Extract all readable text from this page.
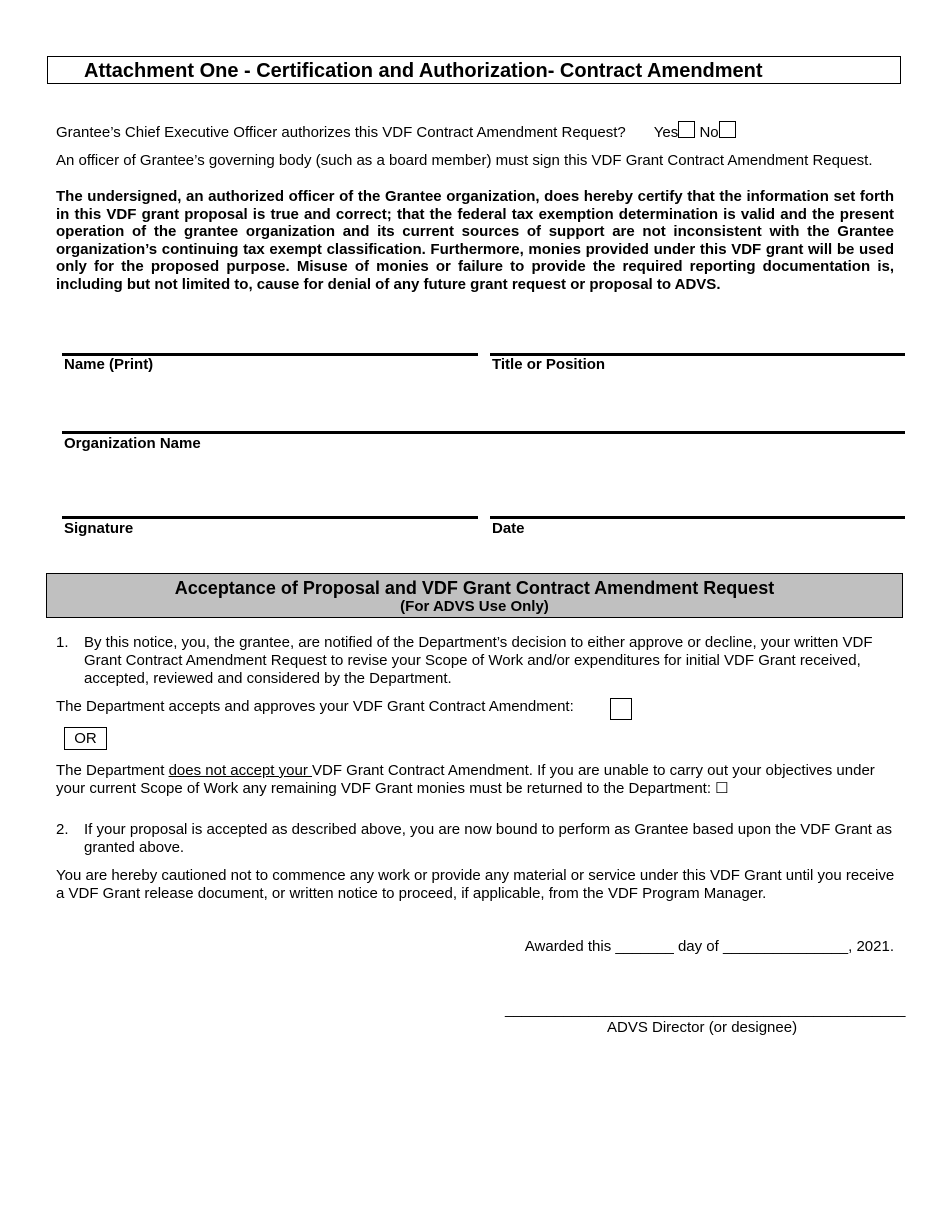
Attachment One - Certification and Authorization- Contract Amendment
Grantee’s Chief Executive Officer authorizes this VDF Contract Amendment Request? Yes No
An officer of Grantee’s governing body (such as a board member) must sign this VDF Grant Contract Amendment Request.
The undersigned, an authorized officer of the Grantee organization, does hereby certify that the information set forth in this VDF grant proposal is true and correct; that the federal tax exemption determination is valid and the present operation of the grantee organization and its current sources of support are not inconsistent with the Grantee organization’s continuing tax exempt classification. Furthermore, monies provided under this VDF grant will be used only for the proposed purpose. Misuse of monies or failure to provide the required reporting documentation is, including but not limited to, cause for denial of any future grant request or proposal to ADVS.
Name (Print)	Title or Position
Organization Name
Signature	Date
Acceptance of Proposal and VDF Grant Contract Amendment Request
(For ADVS Use Only)
1. By this notice, you, the grantee, are notified of the Department’s decision to either approve or decline, your written VDF Grant Contract Amendment Request to revise your Scope of Work and/or expenditures for initial VDF Grant received, accepted, reviewed and considered by the Department.
The Department accepts and approves your VDF Grant Contract Amendment:
OR
The Department does not accept your VDF Grant Contract Amendment. If you are unable to carry out your objectives under your current Scope of Work any remaining VDF Grant monies must be returned to the Department: ☐
2. If your proposal is accepted as described above, you are now bound to perform as Grantee based upon the VDF Grant as granted above.
You are hereby cautioned not to commence any work or provide any material or service under this VDF Grant until you receive a VDF Grant release document, or written notice to proceed, if applicable, from the VDF Program Manager.
Awarded this _______ day of _______________, 2021.
________________________________________________
ADVS Director (or designee)
